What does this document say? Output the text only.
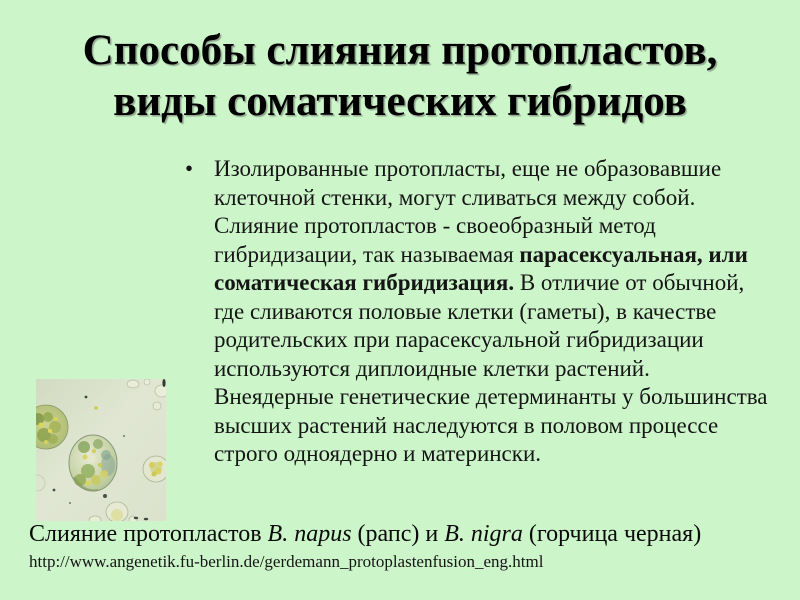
Способы слияния протопластов,
виды соматических гибридов
• Изолированные протопласты, еще не образовавшие клеточной стенки, могут сливаться между собой. Слияние протопластов - своеобразный метод гибридизации, так называемая парасексуальная, или соматическая гибридизация. В отличие от обычной, где сливаются половые клетки (гаметы), в качестве родительских при парасексуальной гибридизации используются диплоидные клетки растений. Внеядерные генетические детерминанты у большинства высших растений наследуются в половом процессе строго одноядерно и матерински.

Слияние протопластов B. napus (рапс) и B. nigra (горчица черная)

http://www.angenetik.fu-berlin.de/gerdemann_protoplastenfusion_eng.html
